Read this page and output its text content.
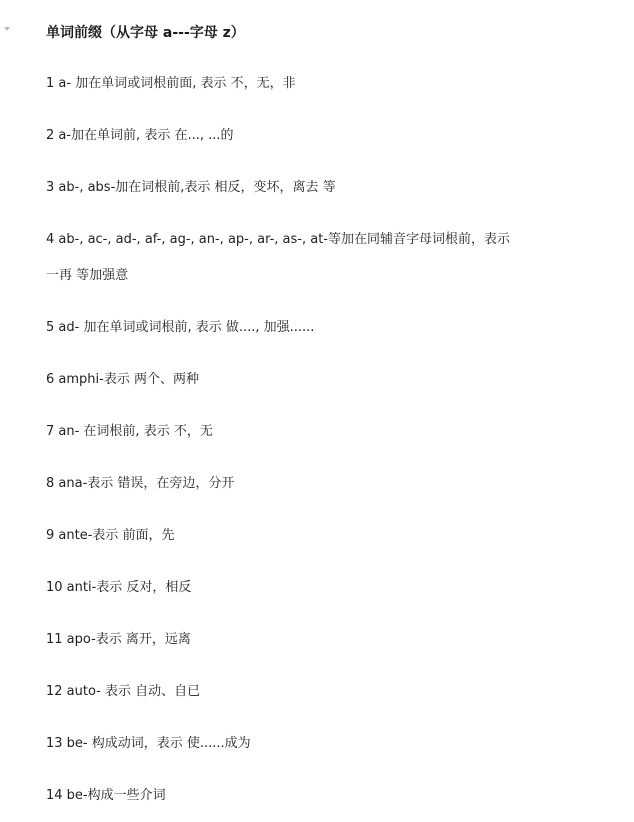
单词前缀（从字母 a---字母 z）
1 a- 加在单词或词根前面, 表示 不，无，非
2 a-加在单词前, 表示 在..., ...的
3 ab-, abs-加在词根前,表示 相反，变坏，离去 等
4 ab-, ac-, ad-, af-, ag-, an-, ap-, ar-, as-, at-等加在同辅音字母词根前，表示
一再 等加强意
5 ad- 加在单词或词根前, 表示 做...., 加强......
6 amphi-表示 两个、两种
7 an- 在词根前, 表示 不，无
8 ana-表示 错误，在旁边，分开
9 ante-表示 前面，先
10 anti-表示 反对，相反
11 apo-表示 离开，远离
12 auto- 表示 自动、自已
13 be- 构成动词，表示 使......成为
14 be-构成一些介词
